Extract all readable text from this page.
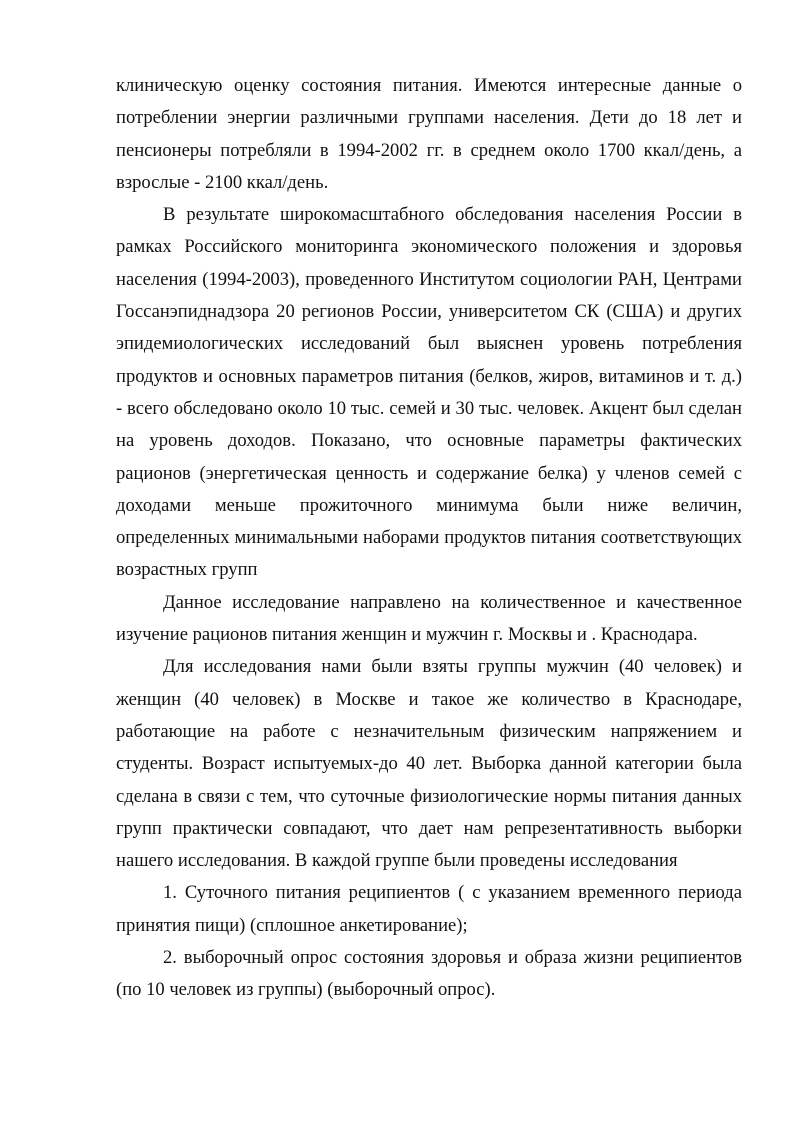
клиническую оценку состояния питания. Имеются интересные данные о потреблении энергии различными группами населения. Дети до 18 лет и пенсионеры потребляли в 1994-2002 гг. в среднем около 1700 ккал/день, а взрослые - 2100 ккал/день.

В результате широкомасштабного обследования населения России в рамках Российского мониторинга экономического положения и здоровья населения (1994-2003), проведенного Институтом социологии РАН, Центрами Госсанэпиднадзора 20 регионов России, университетом СК (США) и других эпидемиологических исследований был выяснен уровень потребления продуктов и основных параметров питания (белков, жиров, витаминов и т. д.) - всего обследовано около 10 тыс. семей и 30 тыс. человек. Акцент был сделан на уровень доходов. Показано, что основные параметры фактических рационов (энергетическая ценность и содержание белка) у членов семей с доходами меньше прожиточного минимума были ниже величин, определенных минимальными наборами продуктов питания соответствующих возрастных групп

Данное исследование направлено на количественное и качественное изучение рационов питания женщин и мужчин г. Москвы и . Краснодара.

Для исследования нами были взяты группы мужчин (40 человек) и женщин (40 человек) в Москве и такое же количество в Краснодаре, работающие на работе с незначительным физическим напряжением и студенты. Возраст испытуемых-до 40 лет. Выборка данной категории была сделана в связи с тем, что суточные физиологические нормы питания данных групп практически совпадают, что дает нам репрезентативность выборки нашего исследования. В каждой группе были проведены исследования

1. Суточного питания реципиентов ( с указанием временного периода принятия пищи) (сплошное анкетирование);

2. выборочный опрос состояния здоровья и образа жизни реципиентов (по 10 человек из группы) (выборочный опрос).
